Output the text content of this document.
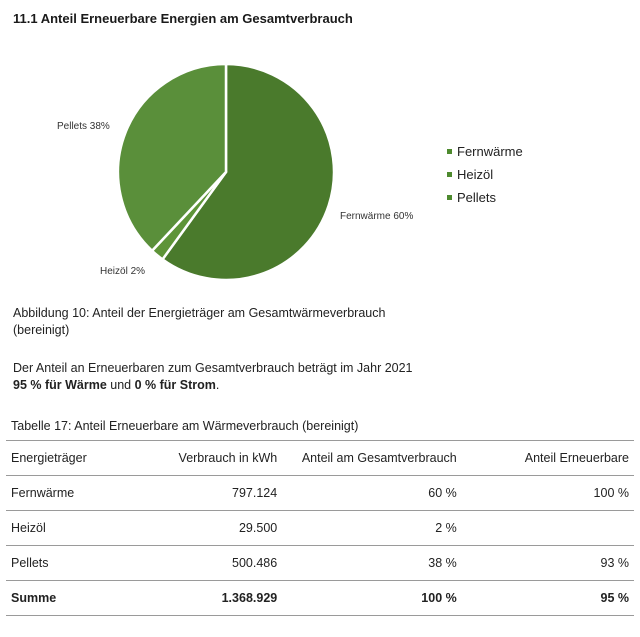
11.1 Anteil Erneuerbare Energien am Gesamtverbrauch
Fernwärme 60%
Heizöl 2%
Pellets 38%
Fernwärme
Heizöl
Pellets
Abbildung 10: Anteil der Energieträger am Gesamtwärmeverbrauch (bereinigt)
Der Anteil an Erneuerbaren zum Gesamtverbrauch beträgt im Jahr 2021
95 % für Wärme und 0 % für Strom.
Tabelle 17: Anteil Erneuerbare am Wärmeverbrauch (bereinigt)
Energieträger	Verbrauch in kWh	Anteil am Gesamtverbrauch	Anteil Erneuerbare
Fernwärme	797.124	60 %	100 %
Heizöl	29.500	2 %	
Pellets	500.486	38 %	93 %
Summe	1.368.929	100 %	95 %
